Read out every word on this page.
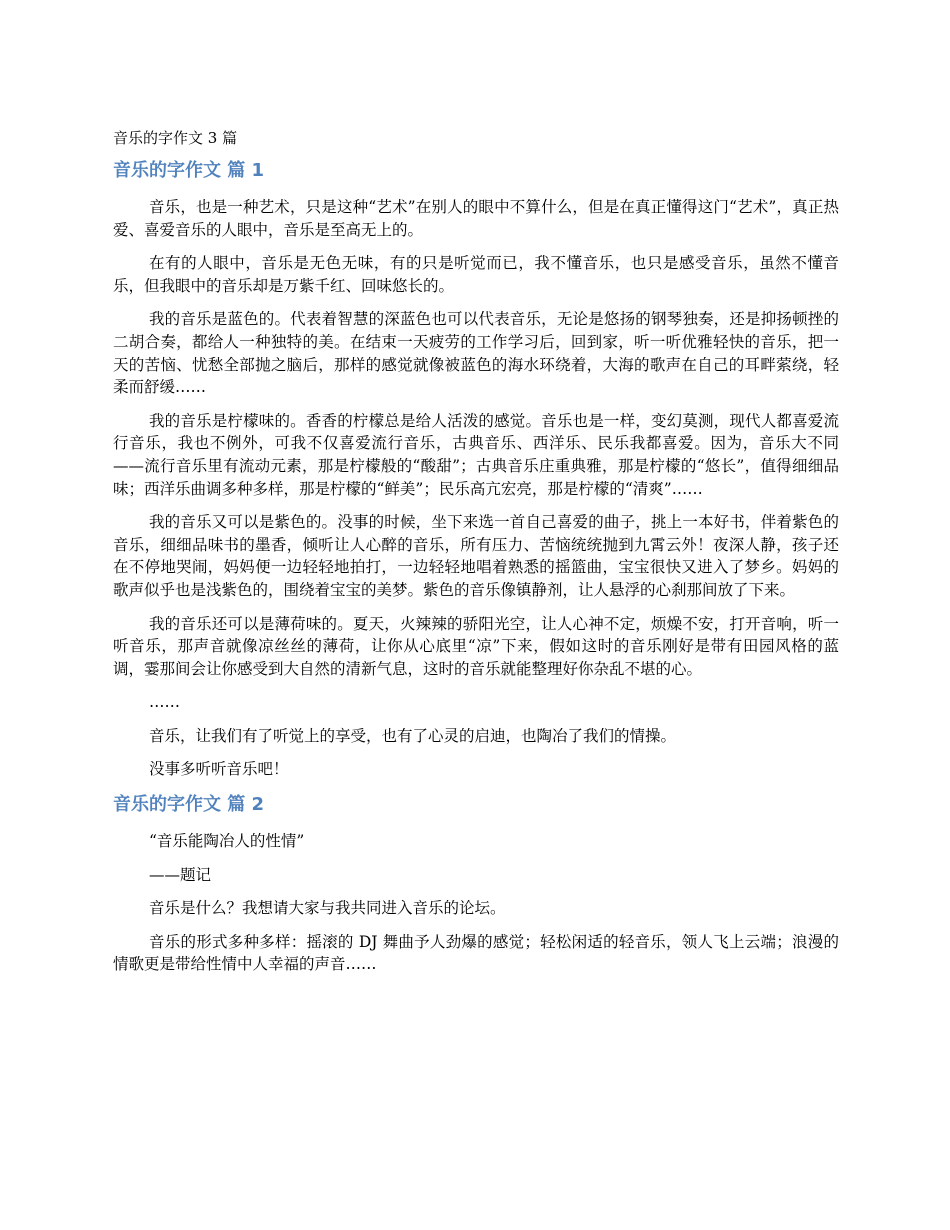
音乐的字作文 3 篇
音乐的字作文 篇 1

音乐，也是一种艺术，只是这种“艺术”在别人的眼中不算什么，但是在真正懂得这门“艺术”，真正热爱、喜爱音乐的人眼中，音乐是至高无上的。

在有的人眼中，音乐是无色无味，有的只是听觉而已，我不懂音乐，也只是感受音乐，虽然不懂音乐，但我眼中的音乐却是万紫千红、回味悠长的。

我的音乐是蓝色的。代表着智慧的深蓝色也可以代表音乐，无论是悠扬的钢琴独奏，还是抑扬顿挫的二胡合奏，都给人一种独特的美。在结束一天疲劳的工作学习后，回到家，听一听优雅轻快的音乐，把一天的苦恼、忧愁全部抛之脑后，那样的感觉就像被蓝色的海水环绕着，大海的歌声在自己的耳畔萦绕，轻柔而舒缓……

我的音乐是柠檬味的。香香的柠檬总是给人活泼的感觉。音乐也是一样，变幻莫测，现代人都喜爱流行音乐，我也不例外，可我不仅喜爱流行音乐，古典音乐、西洋乐、民乐我都喜爱。因为，音乐大不同——流行音乐里有流动元素，那是柠檬般的“酸甜”；古典音乐庄重典雅，那是柠檬的“悠长”，值得细细品味；西洋乐曲调多种多样，那是柠檬的“鲜美”；民乐高亢宏亮，那是柠檬的“清爽”……

我的音乐又可以是紫色的。没事的时候，坐下来选一首自己喜爱的曲子，挑上一本好书，伴着紫色的音乐，细细品味书的墨香，倾听让人心醉的音乐，所有压力、苦恼统统抛到九霄云外！夜深人静，孩子还在不停地哭闹，妈妈便一边轻轻地拍打，一边轻轻地唱着熟悉的摇篮曲，宝宝很快又进入了梦乡。妈妈的歌声似乎也是浅紫色的，围绕着宝宝的美梦。紫色的音乐像镇静剂，让人悬浮的心刹那间放了下来。

我的音乐还可以是薄荷味的。夏天，火辣辣的骄阳光空，让人心神不定，烦燥不安，打开音响，听一听音乐，那声音就像凉丝丝的薄荷，让你从心底里“凉”下来，假如这时的音乐刚好是带有田园风格的蓝调，霎那间会让你感受到大自然的清新气息，这时的音乐就能整理好你杂乱不堪的心。

……

音乐，让我们有了听觉上的享受，也有了心灵的启迪，也陶冶了我们的情操。

没事多听听音乐吧！

音乐的字作文 篇 2

“音乐能陶冶人的性情”

——题记

音乐是什么？我想请大家与我共同进入音乐的论坛。

音乐的形式多种多样：摇滚的 DJ 舞曲予人劲爆的感觉；轻松闲适的轻音乐，领人飞上云端；浪漫的情歌更是带给性情中人幸福的声音……
